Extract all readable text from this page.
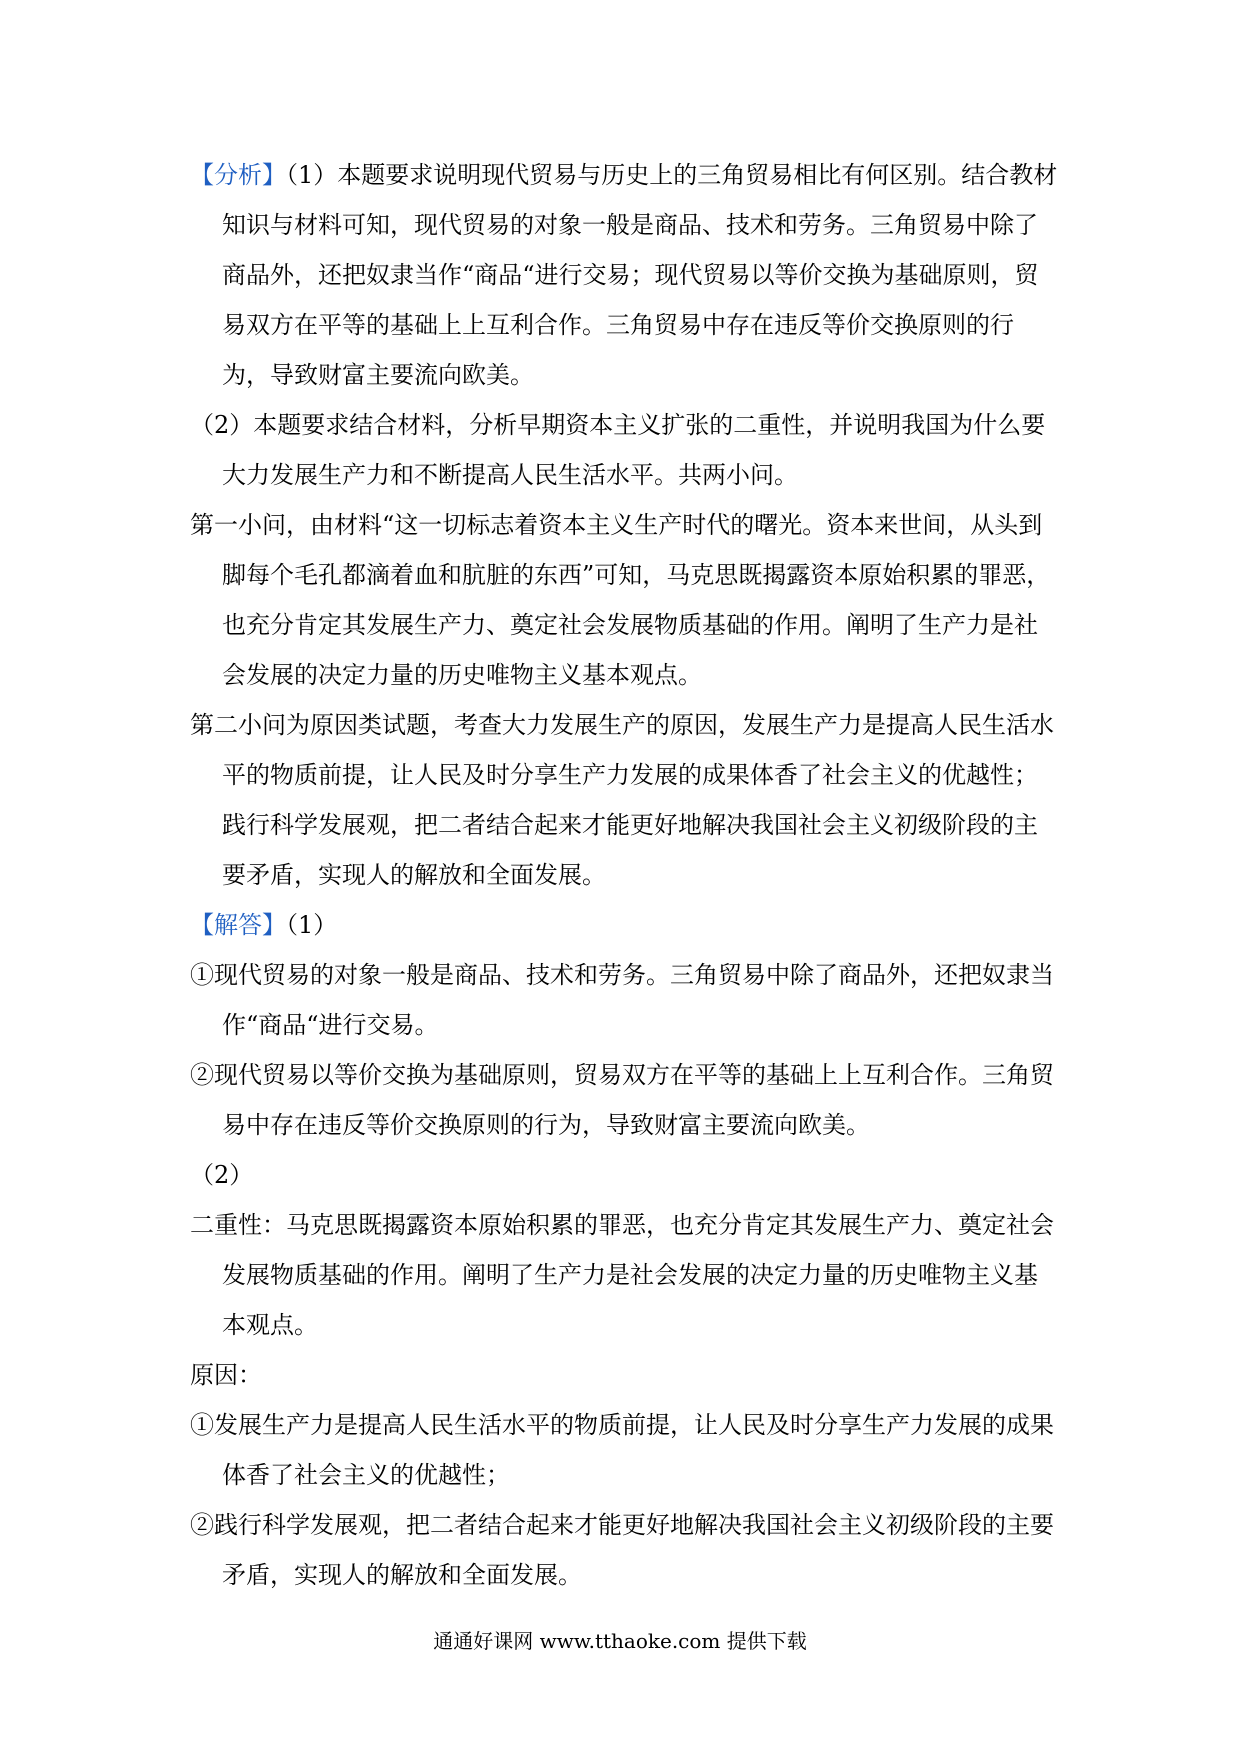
【分析】（1）本题要求说明现代贸易与历史上的三角贸易相比有何区别。结合教材知识与材料可知，现代贸易的对象一般是商品、技术和劳务。三角贸易中除了商品外，还把奴隶当作“商品“进行交易；现代贸易以等价交换为基础原则，贸易双方在平等的基础上上互利合作。三角贸易中存在违反等价交换原则的行为，导致财富主要流向欧美。

（2）本题要求结合材料，分析早期资本主义扩张的二重性，并说明我国为什么要大力发展生产力和不断提高人民生活水平。共两小问。

第一小问，由材料“这一切标志着资本主义生产时代的曙光。资本来世间，从头到脚每个毛孔都滴着血和肮脏的东西”可知，马克思既揭露资本原始积累的罪恶，也充分肯定其发展生产力、奠定社会发展物质基础的作用。阐明了生产力是社会发展的决定力量的历史唯物主义基本观点。

第二小问为原因类试题，考查大力发展生产的原因，发展生产力是提高人民生活水平的物质前提，让人民及时分享生产力发展的成果体香了社会主义的优越性；践行科学发展观，把二者结合起来才能更好地解决我国社会主义初级阶段的主要矛盾，实现人的解放和全面发展。

【解答】（1）

①现代贸易的对象一般是商品、技术和劳务。三角贸易中除了商品外，还把奴隶当作“商品“进行交易。

②现代贸易以等价交换为基础原则，贸易双方在平等的基础上上互利合作。三角贸易中存在违反等价交换原则的行为，导致财富主要流向欧美。

（2）

二重性：马克思既揭露资本原始积累的罪恶，也充分肯定其发展生产力、奠定社会发展物质基础的作用。阐明了生产力是社会发展的决定力量的历史唯物主义基本观点。

原因：

①发展生产力是提高人民生活水平的物质前提，让人民及时分享生产力发展的成果体香了社会主义的优越性；

②践行科学发展观，把二者结合起来才能更好地解决我国社会主义初级阶段的主要矛盾，实现人的解放和全面发展。

通通好课网 www.tthaoke.com 提供下载
